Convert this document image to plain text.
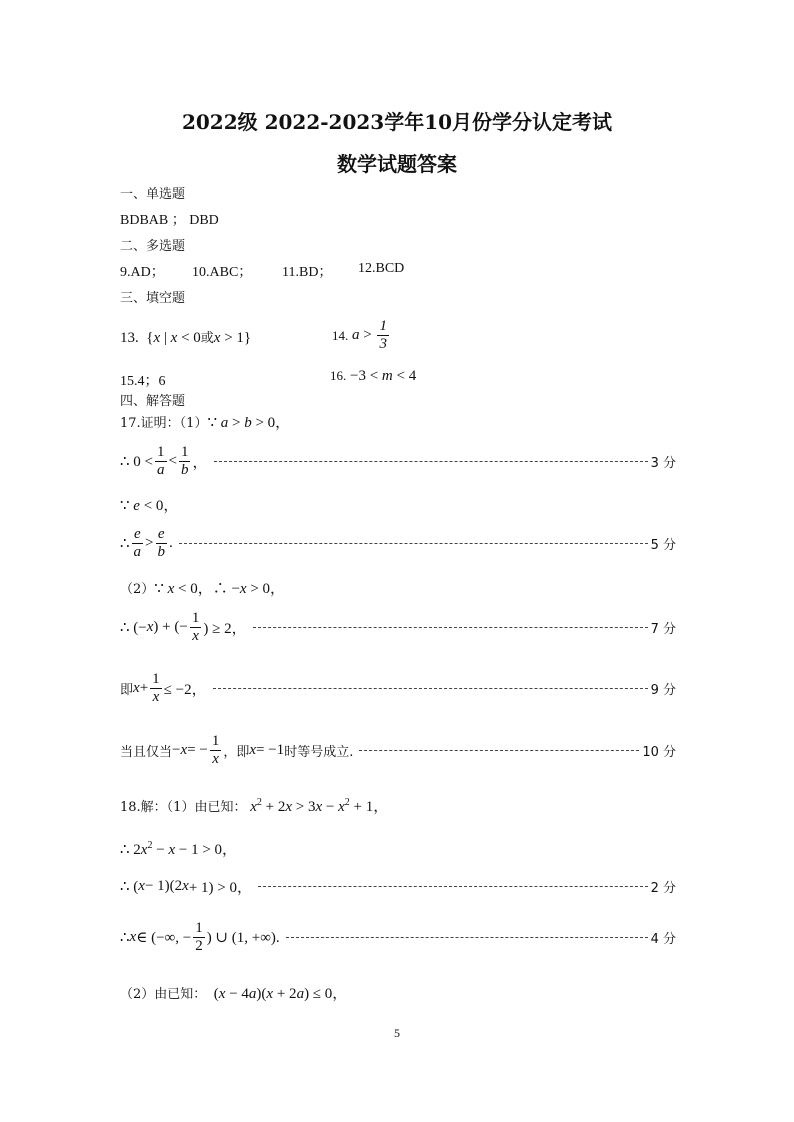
2022级 2022-2023学年10月份学分认定考试
数学试题答案
一、单选题
BDBAB ； DBD
二、多选题
9.AD； 10.ABC； 11.BD； 12.BCD
三、填空题
13. {x | x < 0或x > 1}	14.
$a > \frac{1}{3}$
15.4；6	16. −3 < m < 4
四、解答题
17.证明：（1）∵ a > b > 0，
∴ $0 < \frac{1}{a} < \frac{1}{b}$ ，	3 分
∵ e < 0，
∴ $\frac{e}{a} > \frac{e}{b}$ .	5 分
（2）∵ x < 0，∴ −x > 0，
∴ (− x ) + (− $\frac{1}{x}$ ) ≥ 2，	7 分
即 $x + \frac{1}{x} \le -2$，	9 分
当且仅当 − x = − $\frac{1}{x}$ ，即 x = −1 时等号成立.	10 分
18.解：（1）由已知： $x^2 + 2x > 3x - x^2 + 1$，
∴ $2x^2 - x - 1 > 0$，
∴ ( x − 1)(2 x + 1) > 0，	2 分
∴ x ∈ (−∞, − $\frac{1}{2}$ ) ∪ (1, +∞).	4 分
（2）由已知： (x − 4a)(x + 2a) ≤ 0，
5
